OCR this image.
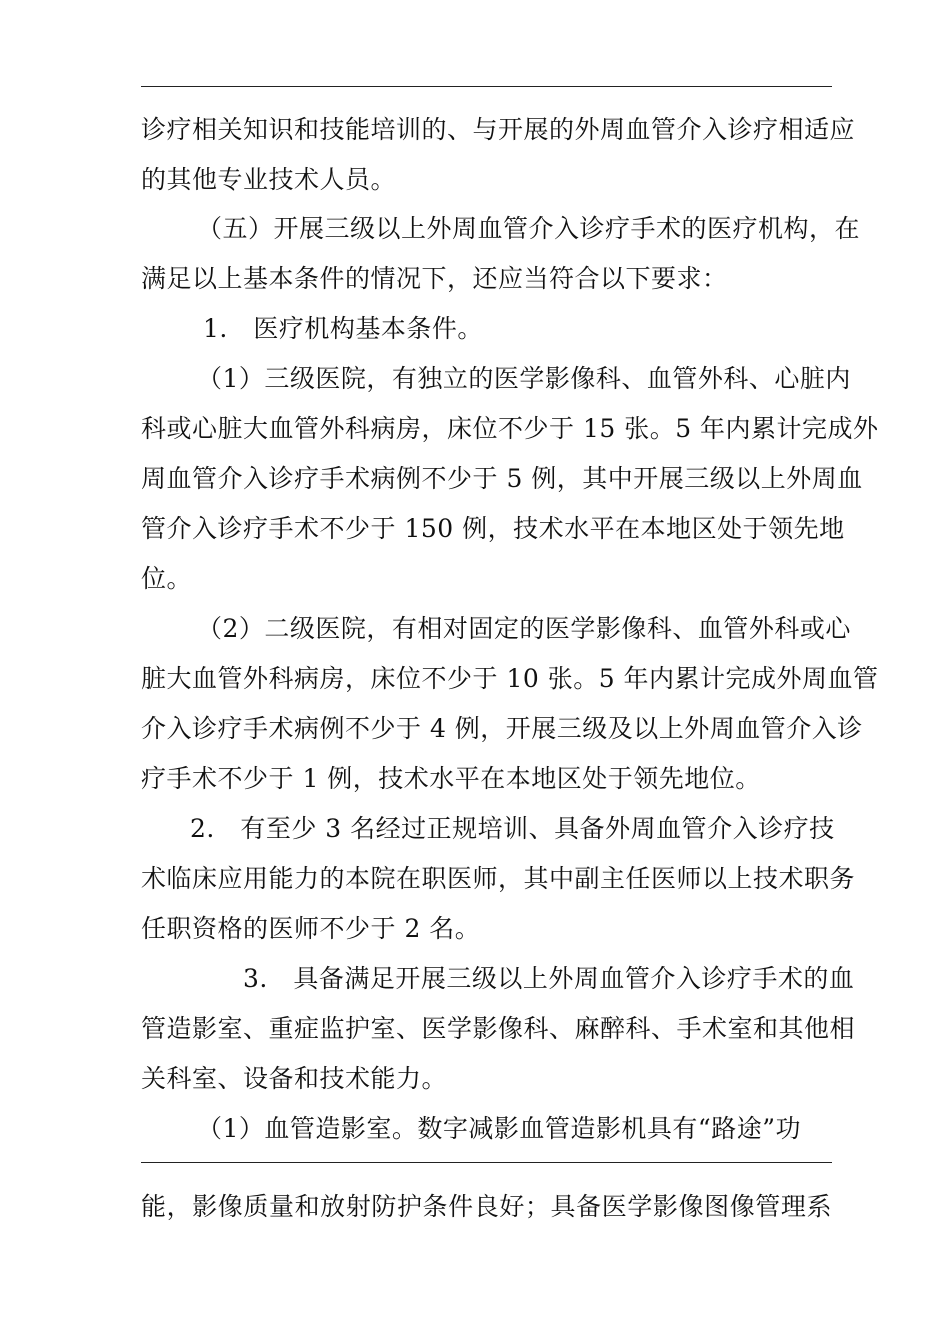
诊疗相关知识和技能培训的、与开展的外周血管介入诊疗相适应

的其他专业技术人员。

（五）开展三级以上外周血管介入诊疗手术的医疗机构，在

满足以上基本条件的情况下，还应当符合以下要求：

1.　医疗机构基本条件。

（1）三级医院，有独立的医学影像科、血管外科、心脏内

科或心脏大血管外科病房，床位不少于 15 张。5 年内累计完成外

周血管介入诊疗手术病例不少于 5 例，其中开展三级以上外周血

管介入诊疗手术不少于 150 例，技术水平在本地区处于领先地

位。

（2）二级医院，有相对固定的医学影像科、血管外科或心

脏大血管外科病房，床位不少于 10 张。5 年内累计完成外周血管

介入诊疗手术病例不少于 4 例，开展三级及以上外周血管介入诊

疗手术不少于 1 例，技术水平在本地区处于领先地位。

2.　有至少 3 名经过正规培训、具备外周血管介入诊疗技

术临床应用能力的本院在职医师，其中副主任医师以上技术职务

任职资格的医师不少于 2 名。

3.　具备满足开展三级以上外周血管介入诊疗手术的血

管造影室、重症监护室、医学影像科、麻醉科、手术室和其他相

关科室、设备和技术能力。

（1）血管造影室。数字减影血管造影机具有“路途”功

能，影像质量和放射防护条件良好；具备医学影像图像管理系
